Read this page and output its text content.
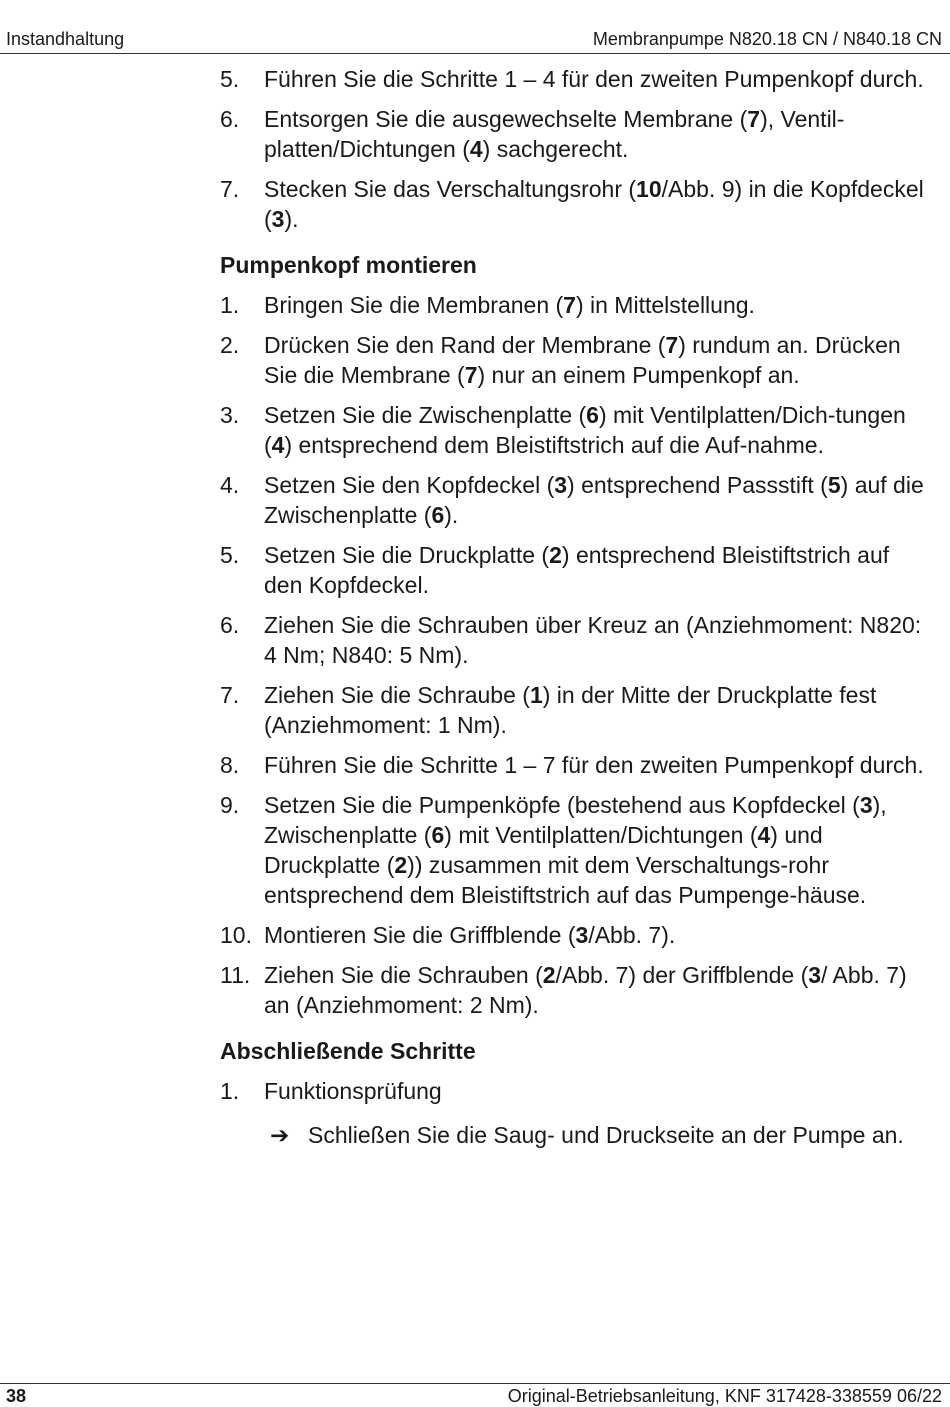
Instandhaltung	Membranpumpe N820.18 CN / N840.18 CN
5. Führen Sie die Schritte 1 – 4 für den zweiten Pumpenkopf durch.
6. Entsorgen Sie die ausgewechselte Membrane (7), Ventil-platten/Dichtungen (4) sachgerecht.
7. Stecken Sie das Verschaltungsrohr (10/Abb. 9) in die Kopfdeckel (3).
Pumpenkopf montieren
1. Bringen Sie die Membranen (7) in Mittelstellung.
2. Drücken Sie den Rand der Membrane (7) rundum an. Drücken Sie die Membrane (7) nur an einem Pumpenkopf an.
3. Setzen Sie die Zwischenplatte (6) mit Ventilplatten/Dich-tungen (4) entsprechend dem Bleistiftstrich auf die Auf-nahme.
4. Setzen Sie den Kopfdeckel (3) entsprechend Passstift (5) auf die Zwischenplatte (6).
5. Setzen Sie die Druckplatte (2) entsprechend Bleistiftstrich auf den Kopfdeckel.
6. Ziehen Sie die Schrauben über Kreuz an (Anziehmoment: N820: 4 Nm; N840: 5 Nm).
7. Ziehen Sie die Schraube (1) in der Mitte der Druckplatte fest (Anziehmoment: 1 Nm).
8. Führen Sie die Schritte 1 – 7 für den zweiten Pumpenkopf durch.
9. Setzen Sie die Pumpenköpfe (bestehend aus Kopfdeckel (3), Zwischenplatte (6) mit Ventilplatten/Dichtungen (4) und Druckplatte (2)) zusammen mit dem Verschaltungs-rohr entsprechend dem Bleistiftstrich auf das Pumpenge-häuse.
10. Montieren Sie die Griffblende (3/Abb. 7).
11. Ziehen Sie die Schrauben (2/Abb. 7) der Griffblende (3/ Abb. 7) an (Anziehmoment: 2 Nm).
Abschließende Schritte
1. Funktionsprüfung
➔ Schließen Sie die Saug- und Druckseite an der Pumpe an.
38	Original-Betriebsanleitung, KNF 317428-338559 06/22
